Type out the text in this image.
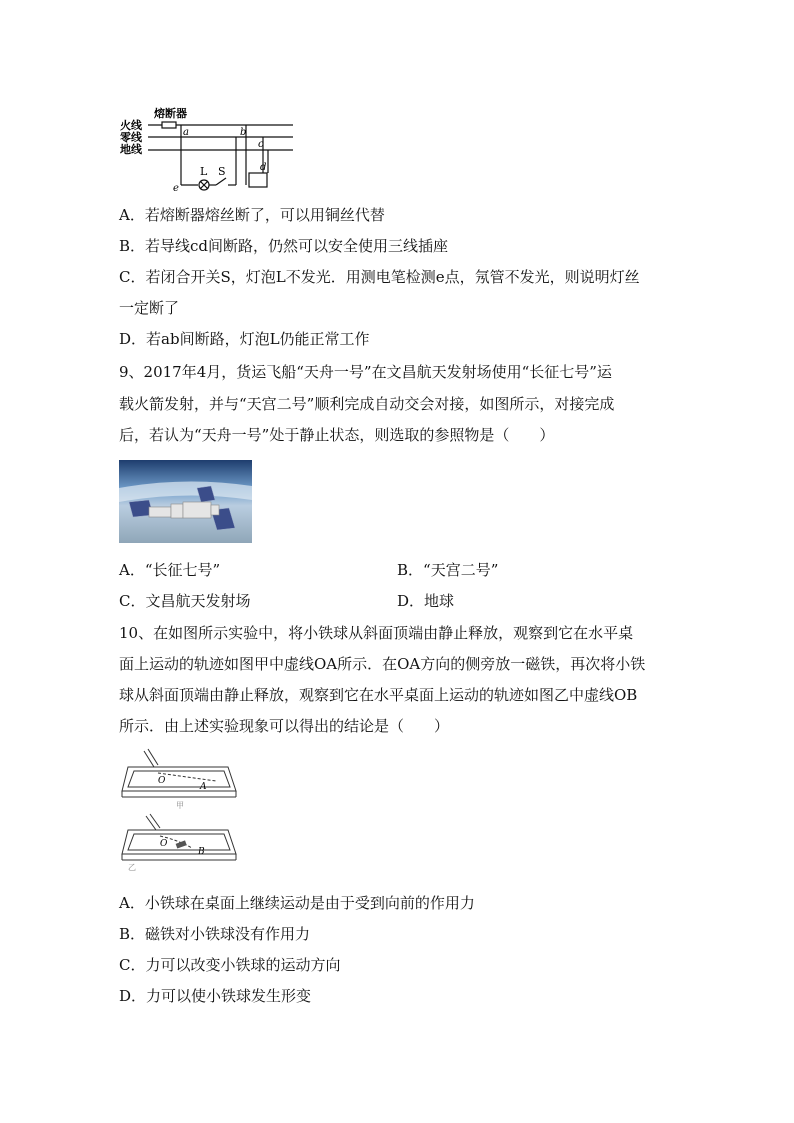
熔断器
火线
零线
地线
a	b
c
d
e
L S
A．若熔断器熔丝断了，可以用铜丝代替
B．若导线cd间断路，仍然可以安全使用三线插座
C．若闭合开关S，灯泡L不发光．用测电笔检测e点，氖管不发光，则说明灯丝
一定断了
D．若ab间断路，灯泡L仍能正常工作
9、2017年4月，货运飞船“天舟一号”在文昌航天发射场使用“长征七号”运
载火箭发射，并与“天宫二号”顺利完成自动交会对接，如图所示，对接完成
后，若认为“天舟一号”处于静止状态，则选取的参照物是（　　）
A．“长征七号”	B．“天宫二号”
C．文昌航天发射场	D．地球
10、在如图所示实验中，将小铁球从斜面顶端由静止释放，观察到它在水平桌
面上运动的轨迹如图甲中虚线OA所示．在OA方向的侧旁放一磁铁，再次将小铁
球从斜面顶端由静止释放，观察到它在水平桌面上运动的轨迹如图乙中虚线OB
所示．由上述实验现象可以得出的结论是（　　）
O
A
甲
O
B
乙
A．小铁球在桌面上继续运动是由于受到向前的作用力
B．磁铁对小铁球没有作用力
C．力可以改变小铁球的运动方向
D．力可以使小铁球发生形变
